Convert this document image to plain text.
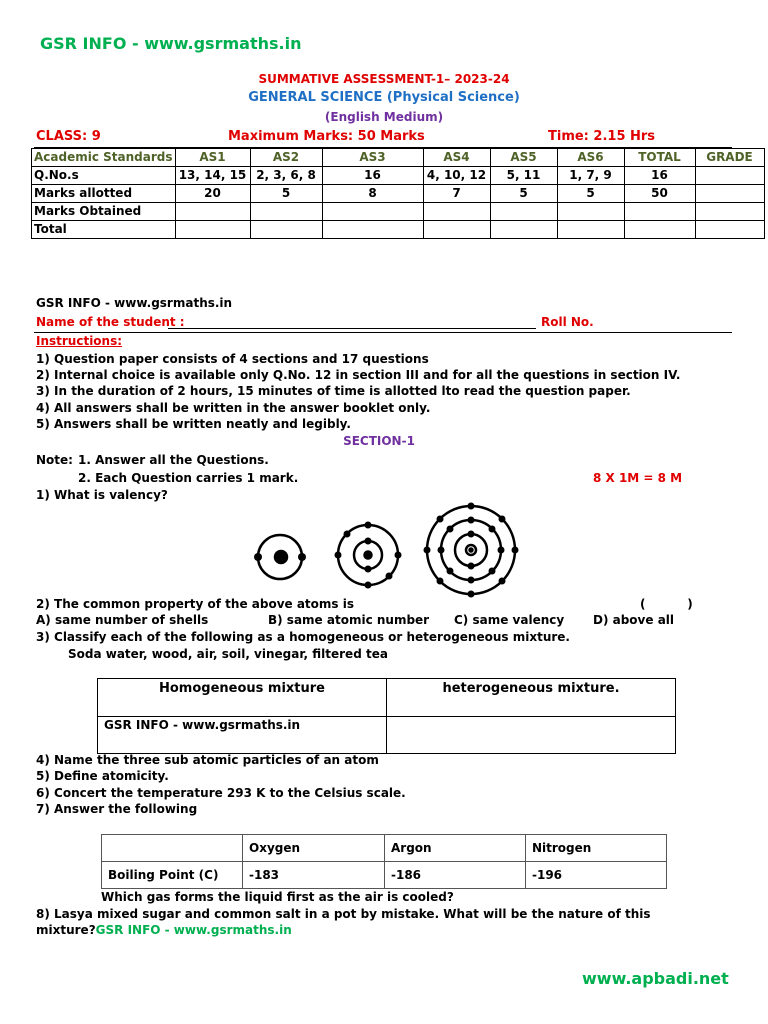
GSR INFO - www.gsrmaths.in
SUMMATIVE ASSESSMENT-1– 2023-24
GENERAL SCIENCE (Physical Science)
(English Medium)
CLASS: 9	Maximum Marks: 50 Marks	Time: 2.15 Hrs
Academic Standards	AS1	AS2	AS3	AS4	AS5	AS6	TOTAL	GRADE
Q.No.s	13, 14, 15	2, 3, 6, 8	16	4, 10, 12	5, 11	1, 7, 9	16	
Marks allotted	20	5	8	7	5	5	50	
Marks Obtained								
Total								
GSR INFO - www.gsrmaths.in
Name of the student :	Roll No.
Instructions:
1) Question paper consists of 4 sections and 17 questions
2) Internal choice is available only Q.No. 12 in section III and for all the questions in section IV.
3) In the duration of 2 hours, 15 minutes of time is allotted lto read the question paper.
4) All answers shall be written in the answer booklet only.
5) Answers shall be written neatly and legibly.
SECTION-1
Note: 1. Answer all the Questions.
2. Each Question carries 1 mark.	8 X 1M = 8 M
1) What is valency?
2) The common property of the above atoms is	(          )
A) same number of shells	B) same atomic number C) same valency D) above all
3) Classify each of the following as a homogeneous or heterogeneous mixture.
Soda water, wood, air, soil, vinegar, filtered tea
Homogeneous mixture	heterogeneous mixture.
GSR INFO - www.gsrmaths.in	
4) Name the three sub atomic particles of an atom
5) Define atomicity.
6) Concert the temperature 293 K to the Celsius scale.
7) Answer the following
	Oxygen	Argon	Nitrogen
Boiling Point (C)	-183	-186	-196
Which gas forms the liquid first as the air is cooled?
8) Lasya mixed sugar and common salt in a pot by mistake. What will be the nature of this
mixture?GSR INFO - www.gsrmaths.in
www.apbadi.net
